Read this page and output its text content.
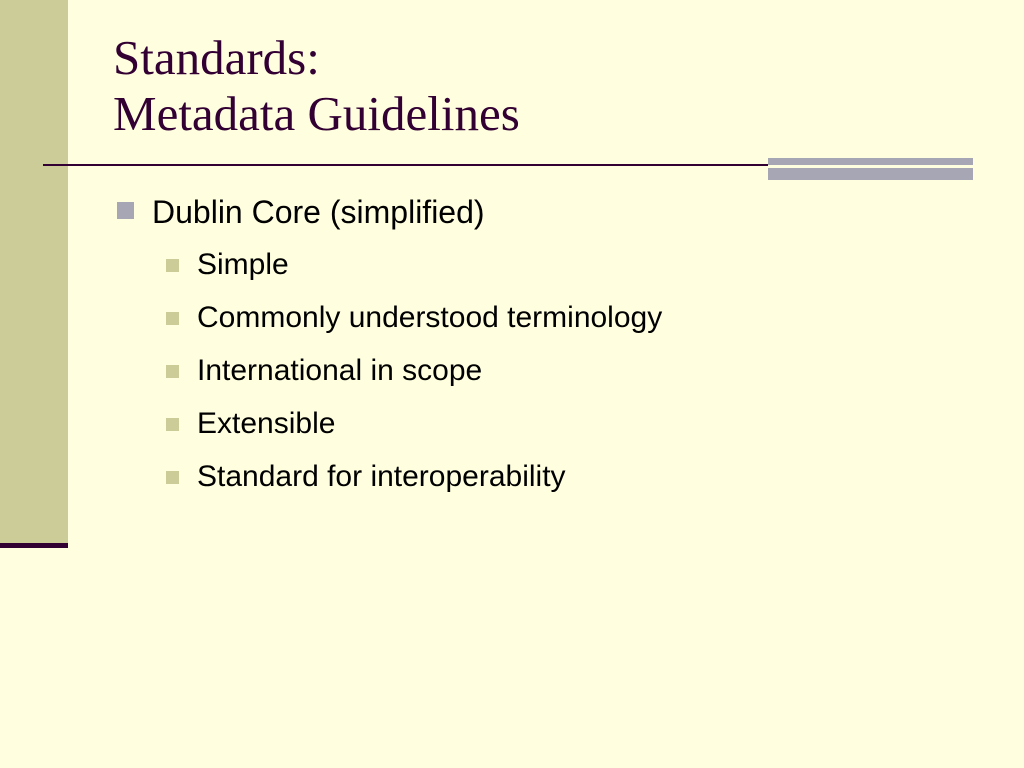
Standards:
Metadata Guidelines
Dublin Core (simplified)
Simple
Commonly understood terminology
International in scope
Extensible
Standard for interoperability
